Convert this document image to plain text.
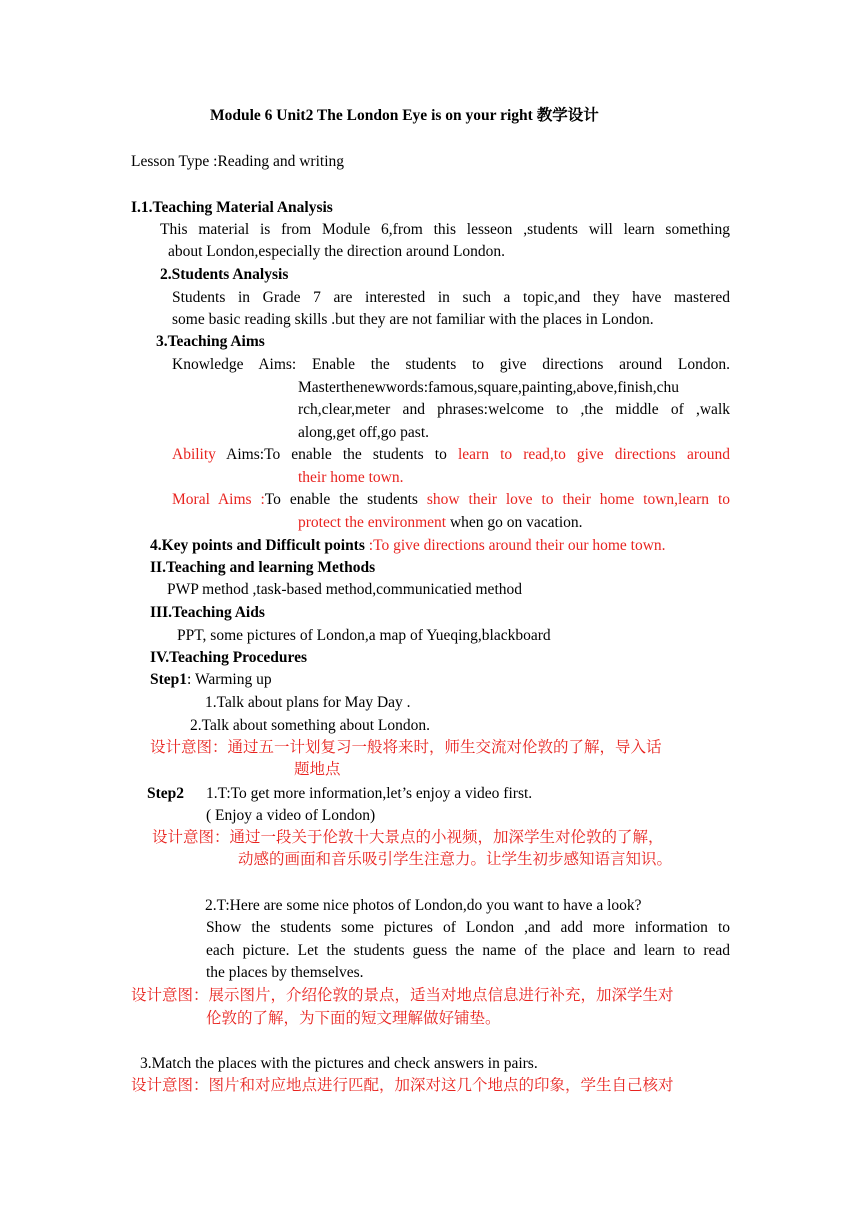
Module 6 Unit2 The London Eye is on your right 教学设计
Lesson Type :Reading and writing
I.1.Teaching Material Analysis
This material is from Module 6,from this lesseon ,students will learn something
about London,especially the direction around London.
2.Students Analysis
Students in Grade 7 are interested in such a topic,and they have mastered
some basic reading skills .but they are not familiar with the places in London.
3.Teaching Aims
Knowledge Aims: Enable the students to give directions around London.
Masterthenewwords:famous,square,painting,above,finish,chu
rch,clear,meter and phrases:welcome to ,the middle of ,walk
along,get off,go past.
Ability Aims:To enable the students to learn to read,to give directions around
their home town.
Moral Aims :To enable the students show their love to their home town,learn to
protect the environment when go on vacation.
4.Key points and Difficult points :To give directions around their our home town.
II.Teaching and learning Methods
PWP method ,task-based method,communicatied method
III.Teaching Aids
PPT, some pictures of London,a map of Yueqing,blackboard
IV.Teaching Procedures
Step1: Warming up
1.Talk about plans for May Day .
2.Talk about something about London.
设计意图：通过五一计划复习一般将来时，师生交流对伦敦的了解，导入话
题地点
Step2 1.T:To get more information,let’s enjoy a video first.
( Enjoy a video of London)
设计意图：通过一段关于伦敦十大景点的小视频，加深学生对伦敦的了解，
动感的画面和音乐吸引学生注意力。让学生初步感知语言知识。
2.T:Here are some nice photos of London,do you want to have a look?
Show the students some pictures of London ,and add more information to
each picture. Let the students guess the name of the place and learn to read
the places by themselves.
设计意图：展示图片，介绍伦敦的景点，适当对地点信息进行补充，加深学生对
伦敦的了解，为下面的短文理解做好铺垫。
3.Match the places with the pictures and check answers in pairs.
设计意图：图片和对应地点进行匹配，加深对这几个地点的印象，学生自己核对
